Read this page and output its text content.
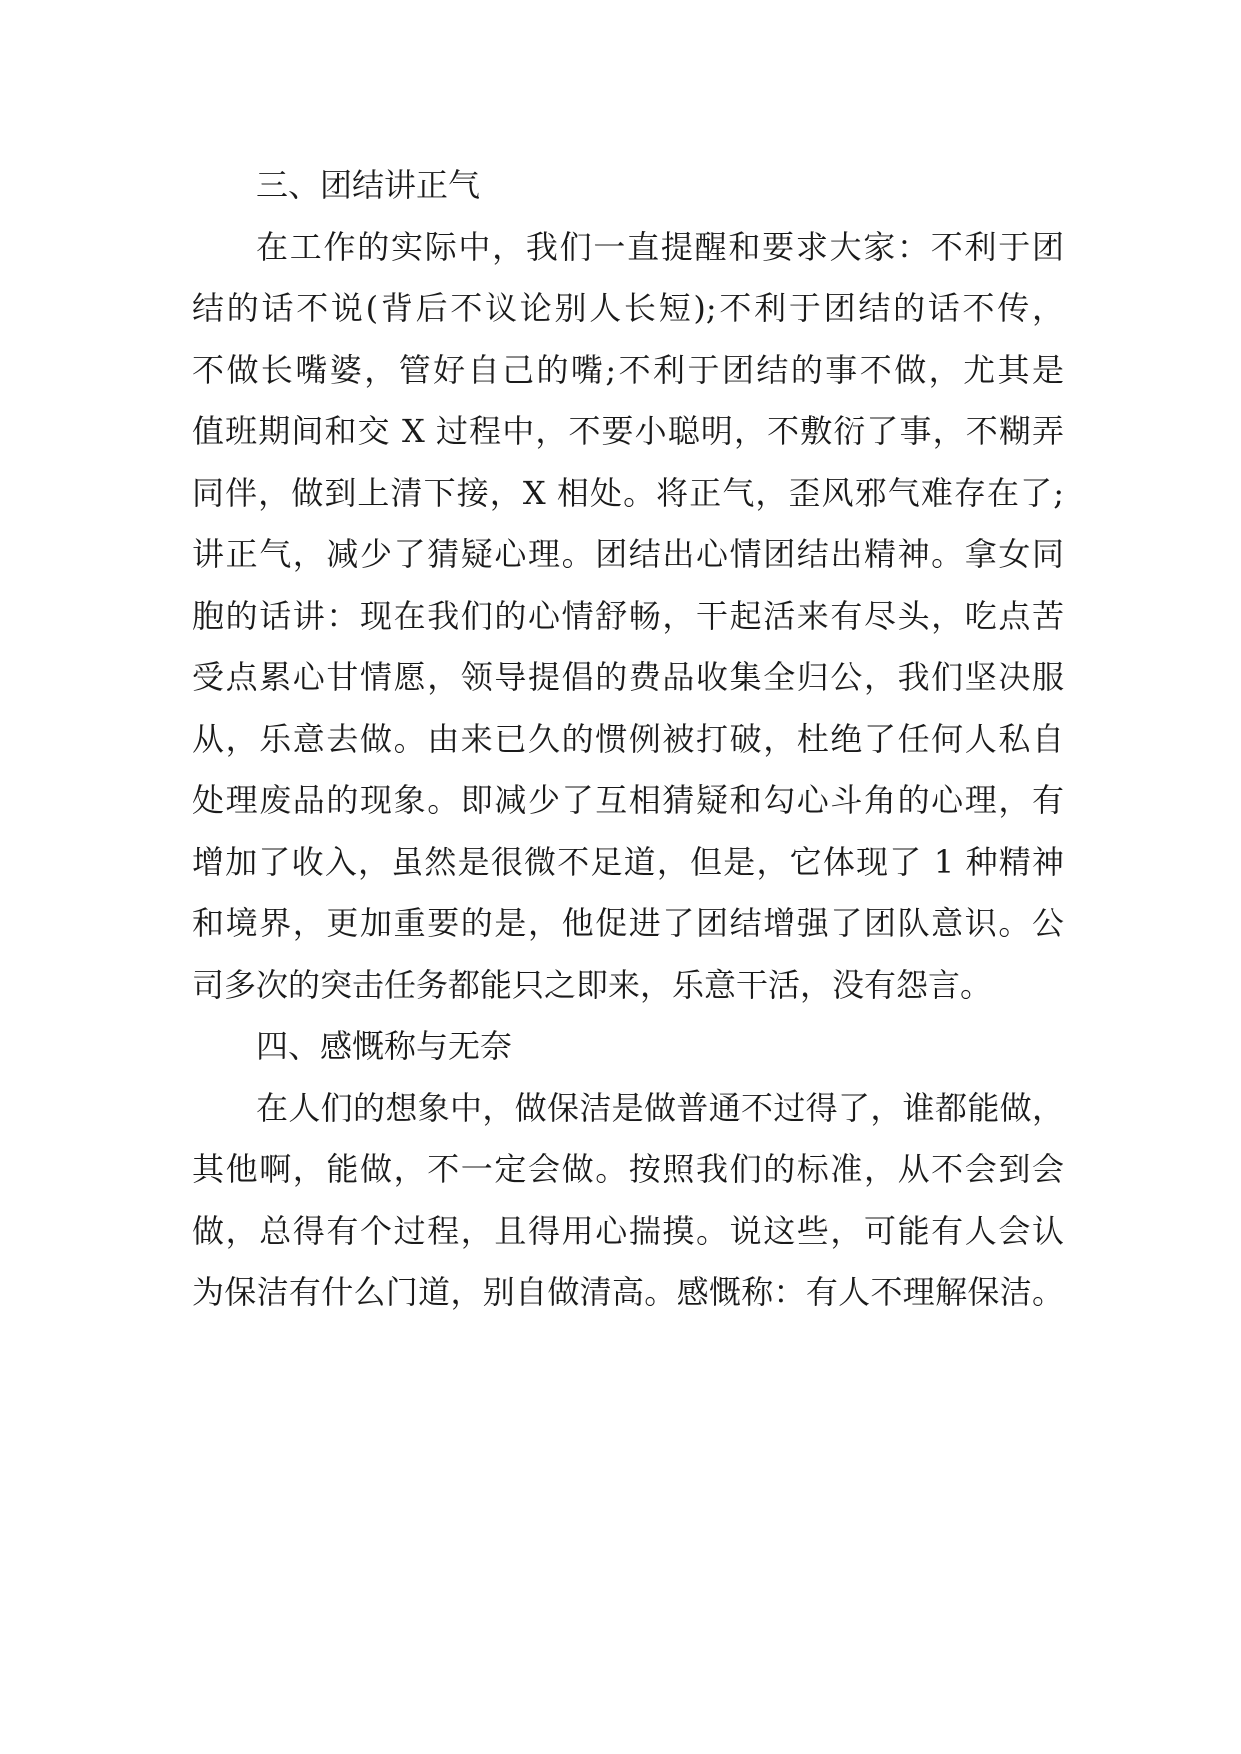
三、团结讲正气
在工作的实际中，我们一直提醒和要求大家：不利于团
结的话不说(背后不议论别人长短);不利于团结的话不传，
不做长嘴婆，管好自己的嘴;不利于团结的事不做，尤其是
值班期间和交 X 过程中，不要小聪明，不敷衍了事，不糊弄
同伴，做到上清下接，X 相处。将正气，歪风邪气难存在了;
讲正气，减少了猜疑心理。团结出心情团结出精神。拿女同
胞的话讲：现在我们的心情舒畅，干起活来有尽头，吃点苦
受点累心甘情愿，领导提倡的费品收集全归公，我们坚决服
从，乐意去做。由来已久的惯例被打破，杜绝了任何人私自
处理废品的现象。即减少了互相猜疑和勾心斗角的心理，有
增加了收入，虽然是很微不足道，但是，它体现了 1 种精神
和境界，更加重要的是，他促进了团结增强了团队意识。公
司多次的突击任务都能只之即来，乐意干活，没有怨言。
四、感慨称与无奈
在人们的想象中，做保洁是做普通不过得了，谁都能做，
其他啊，能做，不一定会做。按照我们的标准，从不会到会
做，总得有个过程，且得用心揣摸。说这些，可能有人会认
为保洁有什么门道，别自做清高。感慨称：有人不理解保洁。
